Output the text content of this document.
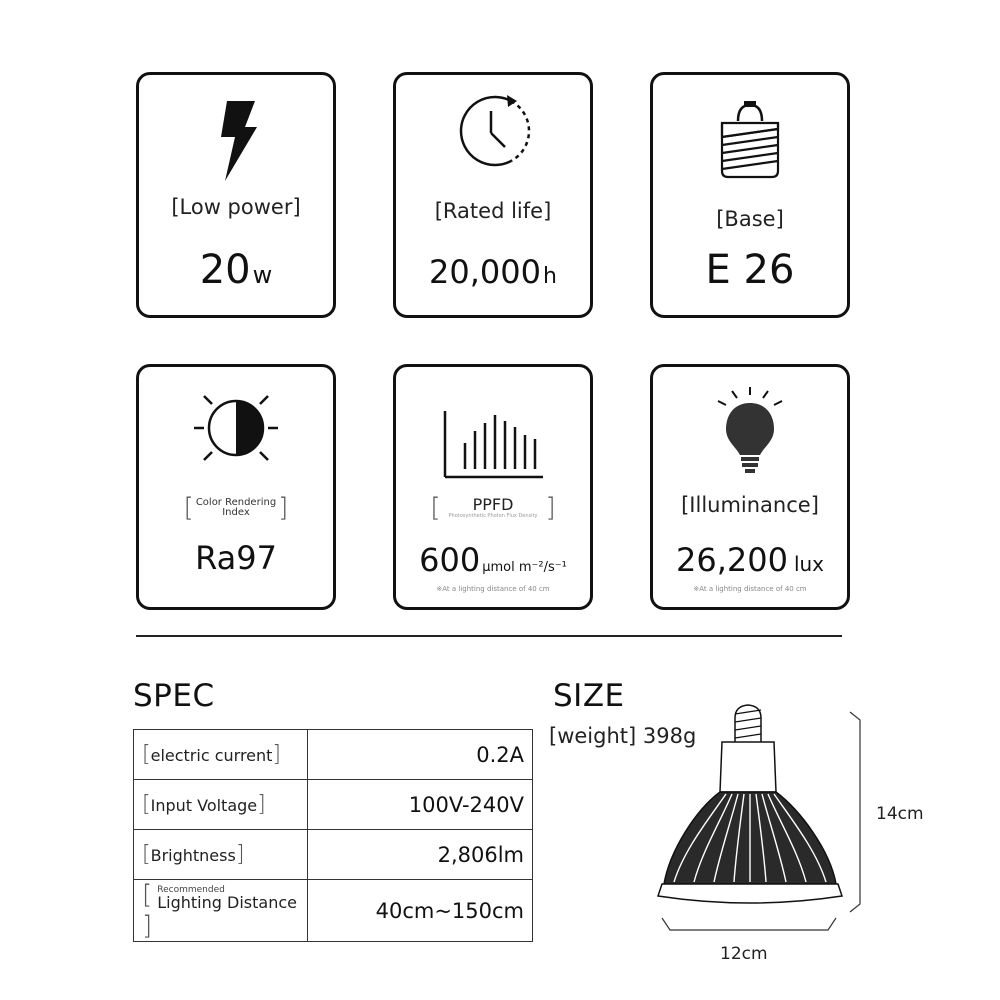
[Low power]
20w
[Rated life]
20,000h
[Base]
E 26
[ Color Rendering
Index ]
Ra97
[ PPFD
Photosynthetic Photon Flux Density ]
600 μmol m⁻²/s⁻¹
※At a lighting distance of 40 cm
[Illuminance]
26,200 lux
※At a lighting distance of 40 cm
SPEC
[electric current]	0.2A
[Input Voltage]	100V-240V
[Brightness]	2,806lm
[ Recommended
Lighting Distance
]	40cm~150cm
SIZE
[weight] 398g
14cm
12cm
